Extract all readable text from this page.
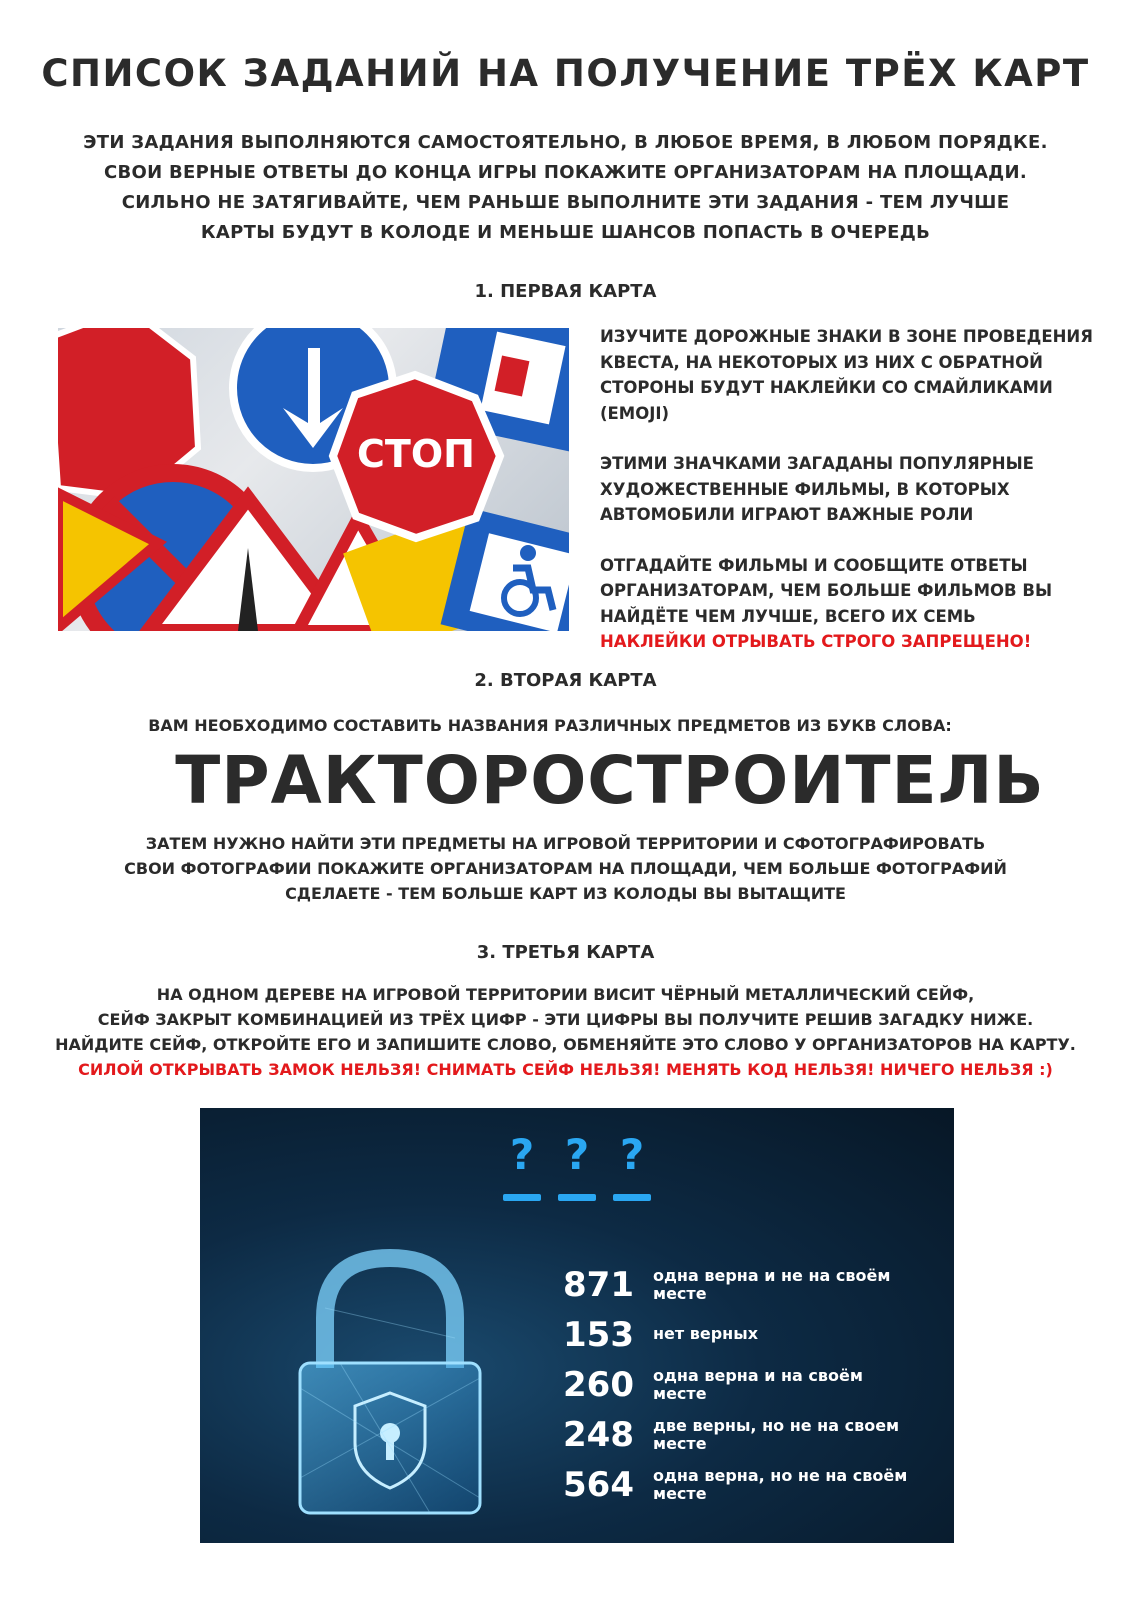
СПИСОК ЗАДАНИЙ НА ПОЛУЧЕНИЕ ТРЁХ КАРТ
ЭТИ ЗАДАНИЯ ВЫПОЛНЯЮТСЯ САМОСТОЯТЕЛЬНО, В ЛЮБОЕ ВРЕМЯ, В ЛЮБОМ ПОРЯДКЕ.
СВОИ ВЕРНЫЕ ОТВЕТЫ ДО КОНЦА ИГРЫ ПОКАЖИТЕ ОРГАНИЗАТОРАМ НА ПЛОЩАДИ.
СИЛЬНО НЕ ЗАТЯГИВАЙТЕ, ЧЕМ РАНЬШЕ ВЫПОЛНИТЕ ЭТИ ЗАДАНИЯ - ТЕМ ЛУЧШЕ
КАРТЫ БУДУТ В КОЛОДЕ И МЕНЬШЕ ШАНСОВ ПОПАСТЬ В ОЧЕРЕДЬ
1. ПЕРВАЯ КАРТА
СТОП

ИЗУЧИТЕ ДОРОЖНЫЕ ЗНАКИ В ЗОНЕ ПРОВЕДЕНИЯ
КВЕСТА, НА НЕКОТОРЫХ ИЗ НИХ С ОБРАТНОЙ
СТОРОНЫ БУДУТ НАКЛЕЙКИ СО СМАЙЛИКАМИ (EMOJI)

ЭТИМИ ЗНАЧКАМИ ЗАГАДАНЫ ПОПУЛЯРНЫЕ
ХУДОЖЕСТВЕННЫЕ ФИЛЬМЫ, В КОТОРЫХ
АВТОМОБИЛИ ИГРАЮТ ВАЖНЫЕ РОЛИ

ОТГАДАЙТЕ ФИЛЬМЫ И СООБЩИТЕ ОТВЕТЫ
ОРГАНИЗАТОРАМ, ЧЕМ БОЛЬШЕ ФИЛЬМОВ ВЫ
НАЙДЁТЕ ЧЕМ ЛУЧШЕ, ВСЕГО ИХ СЕМЬ
НАКЛЕЙКИ ОТРЫВАТЬ СТРОГО ЗАПРЕЩЕНО!

2. ВТОРАЯ КАРТА
ВАМ НЕОБХОДИМО СОСТАВИТЬ НАЗВАНИЯ РАЗЛИЧНЫХ ПРЕДМЕТОВ ИЗ БУКВ СЛОВА:
ТРАКТОРОСТРОИТЕЛЬ
ЗАТЕМ НУЖНО НАЙТИ ЭТИ ПРЕДМЕТЫ НА ИГРОВОЙ ТЕРРИТОРИИ И СФОТОГРАФИРОВАТЬ
СВОИ ФОТОГРАФИИ ПОКАЖИТЕ ОРГАНИЗАТОРАМ НА ПЛОЩАДИ, ЧЕМ БОЛЬШЕ ФОТОГРАФИЙ
СДЕЛАЕТЕ - ТЕМ БОЛЬШЕ КАРТ ИЗ КОЛОДЫ ВЫ ВЫТАЩИТЕ
3. ТРЕТЬЯ КАРТА
НА ОДНОМ ДЕРЕВЕ НА ИГРОВОЙ ТЕРРИТОРИИ ВИСИТ ЧЁРНЫЙ МЕТАЛЛИЧЕСКИЙ СЕЙФ,
СЕЙФ ЗАКРЫТ КОМБИНАЦИЕЙ ИЗ ТРЁХ ЦИФР - ЭТИ ЦИФРЫ ВЫ ПОЛУЧИТЕ РЕШИВ ЗАГАДКУ НИЖЕ.
НАЙДИТЕ СЕЙФ, ОТКРОЙТЕ ЕГО И ЗАПИШИТЕ СЛОВО, ОБМЕНЯЙТЕ ЭТО СЛОВО У ОРГАНИЗАТОРОВ НА КАРТУ.
СИЛОЙ ОТКРЫВАТЬ ЗАМОК НЕЛЬЗЯ! СНИМАТЬ СЕЙФ НЕЛЬЗЯ! МЕНЯТЬ КОД НЕЛЬЗЯ! НИЧЕГО НЕЛЬЗЯ :)
? ? ?
871	одна верна и не на своём месте
153	нет верных
260	одна верна и на своём месте
248	две верны, но не на своем месте
564	одна верна, но не на своём месте
